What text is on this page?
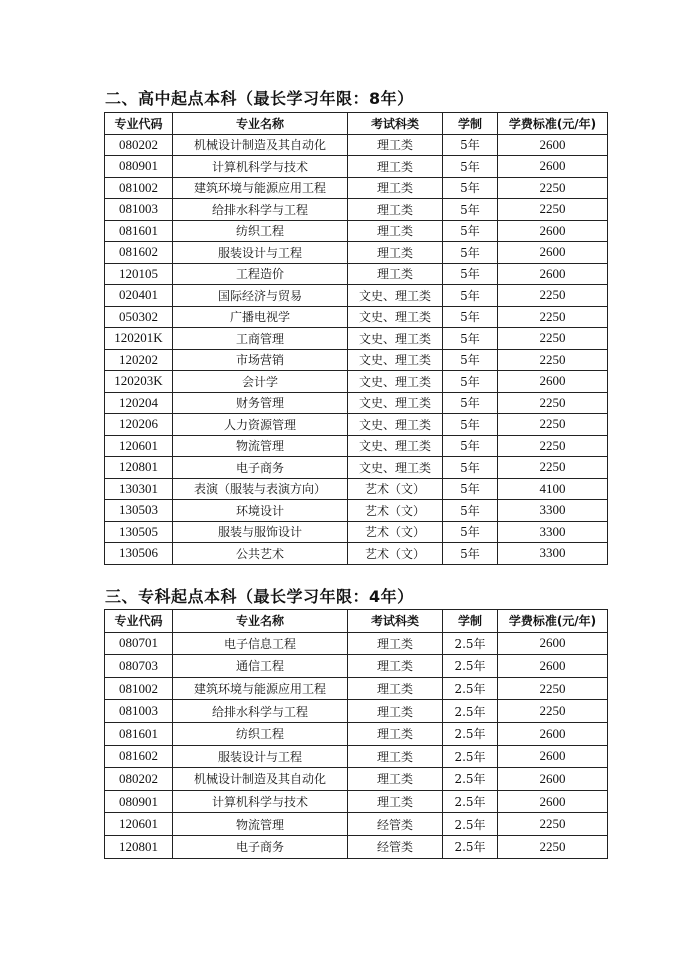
二、高中起点本科（最长学习年限：8年）
专业代码	专业名称	考试科类	学制	学费标准(元/年)
080202	机械设计制造及其自动化	理工类	5年	2600
080901	计算机科学与技术	理工类	5年	2600
081002	建筑环境与能源应用工程	理工类	5年	2250
081003	给排水科学与工程	理工类	5年	2250
081601	纺织工程	理工类	5年	2600
081602	服装设计与工程	理工类	5年	2600
120105	工程造价	理工类	5年	2600
020401	国际经济与贸易	文史、理工类	5年	2250
050302	广播电视学	文史、理工类	5年	2250
120201K	工商管理	文史、理工类	5年	2250
120202	市场营销	文史、理工类	5年	2250
120203K	会计学	文史、理工类	5年	2600
120204	财务管理	文史、理工类	5年	2250
120206	人力资源管理	文史、理工类	5年	2250
120601	物流管理	文史、理工类	5年	2250
120801	电子商务	文史、理工类	5年	2250
130301	表演（服装与表演方向）	艺术（文）	5年	4100
130503	环境设计	艺术（文）	5年	3300
130505	服装与服饰设计	艺术（文）	5年	3300
130506	公共艺术	艺术（文）	5年	3300
三、专科起点本科（最长学习年限：4年）
专业代码	专业名称	考试科类	学制	学费标准(元/年)
080701	电子信息工程	理工类	2.5年	2600
080703	通信工程	理工类	2.5年	2600
081002	建筑环境与能源应用工程	理工类	2.5年	2250
081003	给排水科学与工程	理工类	2.5年	2250
081601	纺织工程	理工类	2.5年	2600
081602	服装设计与工程	理工类	2.5年	2600
080202	机械设计制造及其自动化	理工类	2.5年	2600
080901	计算机科学与技术	理工类	2.5年	2600
120601	物流管理	经管类	2.5年	2250
120801	电子商务	经管类	2.5年	2250
